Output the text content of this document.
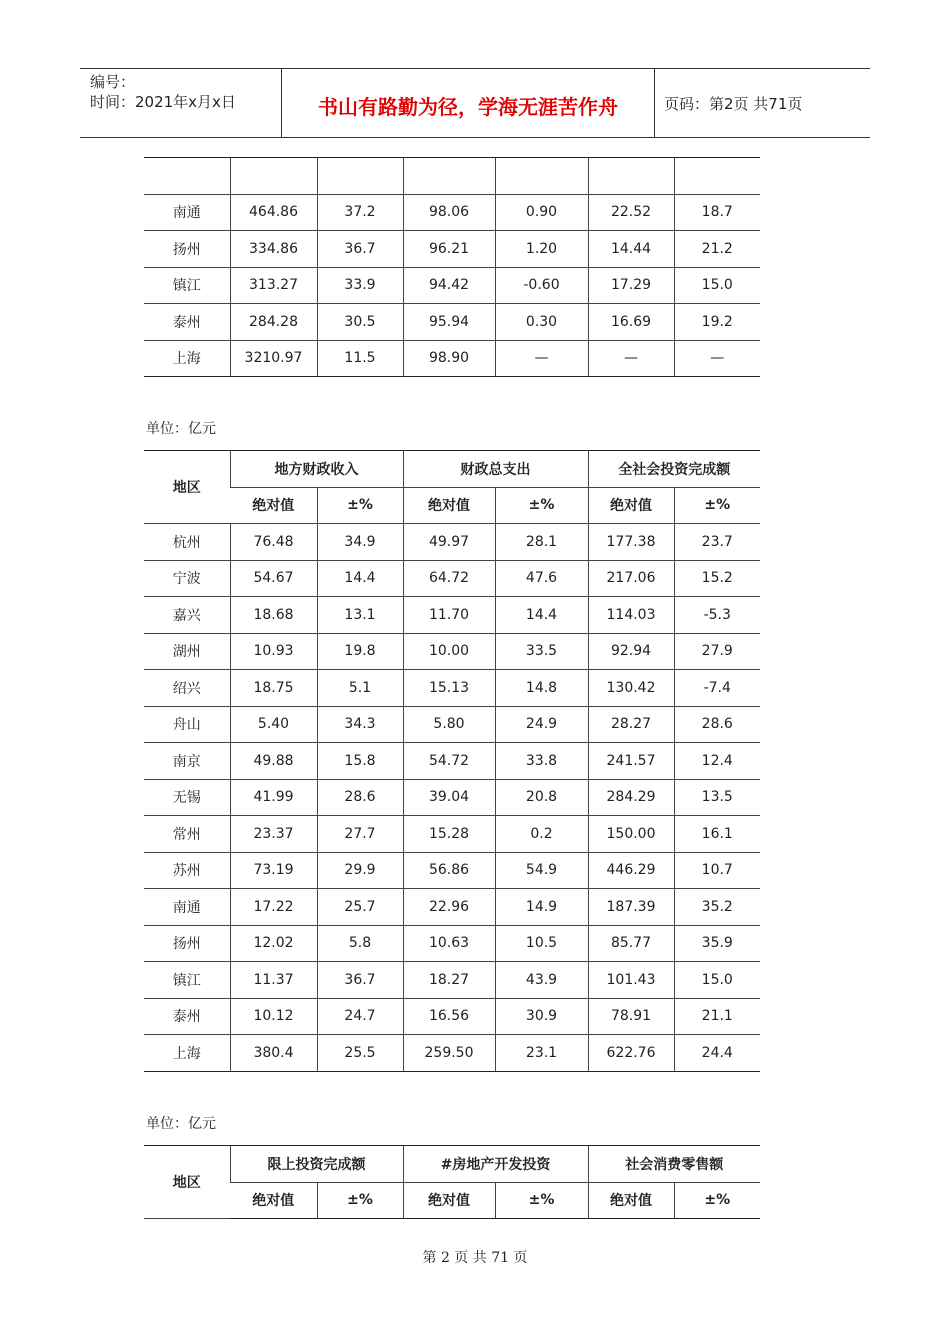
编号：
时间：2021年x月x日	书山有路勤为径，学海无涯苦作舟	页码：第2页 共71页

南通	464.86	37.2	98.06	0.90	22.52	18.7
扬州	334.86	36.7	96.21	1.20	14.44	21.2
镇江	313.27	33.9	94.42	-0.60	17.29	15.0
泰州	284.28	30.5	95.94	0.30	16.69	19.2
上海	3210.97	11.5	98.90	—	—	—
单位：亿元
地区	地方财政收入		财政总支出		全社会投资完成额	
	绝对值	±%	绝对值	±%	绝对值	±%
杭州	76.48	34.9	49.97	28.1	177.38	23.7
宁波	54.67	14.4	64.72	47.6	217.06	15.2
嘉兴	18.68	13.1	11.70	14.4	114.03	-5.3
湖州	10.93	19.8	10.00	33.5	92.94	27.9
绍兴	18.75	5.1	15.13	14.8	130.42	-7.4
舟山	5.40	34.3	5.80	24.9	28.27	28.6
南京	49.88	15.8	54.72	33.8	241.57	12.4
无锡	41.99	28.6	39.04	20.8	284.29	13.5
常州	23.37	27.7	15.28	0.2	150.00	16.1
苏州	73.19	29.9	56.86	54.9	446.29	10.7
南通	17.22	25.7	22.96	14.9	187.39	35.2
扬州	12.02	5.8	10.63	10.5	85.77	35.9
镇江	11.37	36.7	18.27	43.9	101.43	15.0
泰州	10.12	24.7	16.56	30.9	78.91	21.1
上海	380.4	25.5	259.50	23.1	622.76	24.4
单位：亿元
地区	限上投资完成额		#房地产开发投资		社会消费零售额	
	绝对值	±%	绝对值	±%	绝对值	±%
第 2 页 共 71 页
